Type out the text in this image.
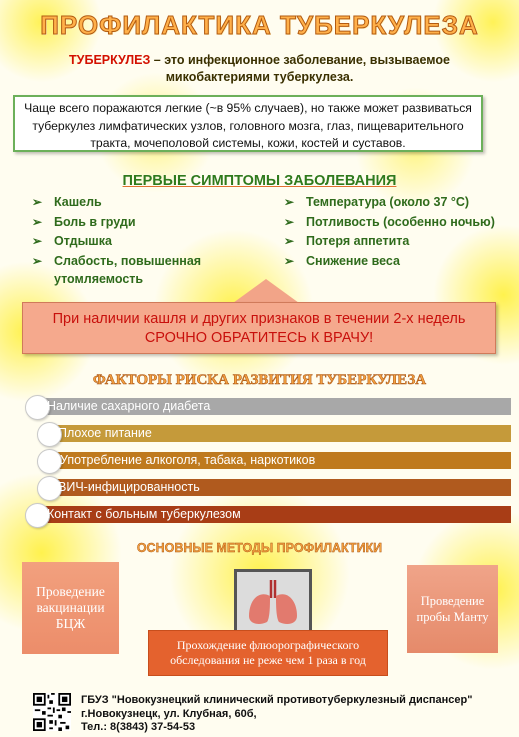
ПРОФИЛАКТИКА ТУБЕРКУЛЕЗА
ТУБЕРКУЛЕЗ – это инфекционное заболевание, вызываемое
микобактериями туберкулеза.
Чаще всего поражаются легкие (~в 95% случаев), но также может развиваться туберкулез лимфатических узлов, головного мозга, глаз, пищеварительного тракта, мочеполовой системы, кожи, костей и суставов.
ПЕРВЫЕ СИМПТОМЫ ЗАБОЛЕВАНИЯ
➢ Кашель
➢ Боль в груди
➢ Отдышка
➢ Слабость, повышенная утомляемость
➢ Температура (около 37 °С)
➢ Потливость (особенно ночью)
➢ Потеря аппетита
➢ Снижение веса
При наличии кашля и других признаков в течении 2-х недель
СРОЧНО ОБРАТИТЕСЬ К ВРАЧУ!
ФАКТОРЫ РИСКА РАЗВИТИЯ ТУБЕРКУЛЕЗА
Наличие сахарного диабета
Плохое питание
Употребление алкоголя, табака, наркотиков
ВИЧ-инфицированность
Контакт с больным туберкулезом
ОСНОВНЫЕ МЕТОДЫ ПРОФИЛАКТИКИ
Проведение вакцинации БЦЖ
Проведение пробы Манту
Прохождение флюорографического обследования не реже чем 1 раза в год
ГБУЗ "Новокузнецкий клинический противотуберкулезный диспансер"
г.Новокузнецк, ул. Клубная, 60б,
Тел.: 8(3843) 37-54-53
